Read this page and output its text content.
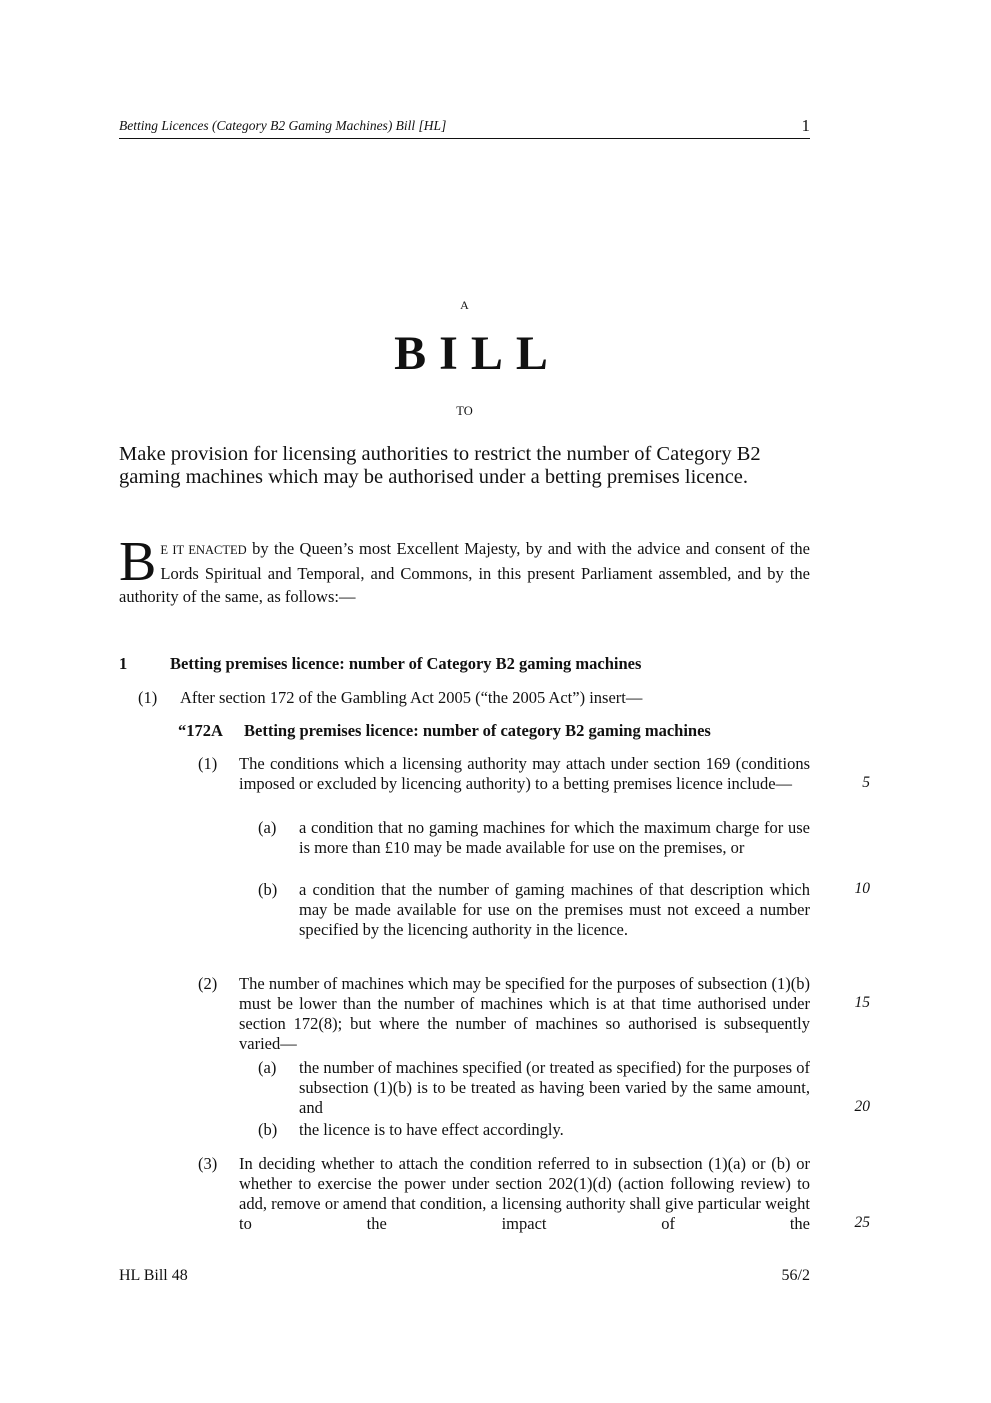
Betting Licences (Category B2 Gaming Machines) Bill [HL]	1
A
BILL
TO
Make provision for licensing authorities to restrict the number of Category B2 gaming machines which may be authorised under a betting premises licence.
B E IT ENACTED by the Queen’s most Excellent Majesty, by and with the advice and consent of the Lords Spiritual and Temporal, and Commons, in this present Parliament assembled, and by the authority of the same, as follows:—
1	Betting premises licence: number of Category B2 gaming machines
(1) After section 172 of the Gambling Act 2005 (“the 2005 Act”) insert—
“172A Betting premises licence: number of category B2 gaming machines
(1) The conditions which a licensing authority may attach under section 169 (conditions imposed or excluded by licencing authority) to a betting premises licence include—
(a) a condition that no gaming machines for which the maximum charge for use is more than £10 may be made available for use on the premises, or
(b) a condition that the number of gaming machines of that description which may be made available for use on the premises must not exceed a number specified by the licencing authority in the licence.
(2) The number of machines which may be specified for the purposes of subsection (1)(b) must be lower than the number of machines which is at that time authorised under section 172(8); but where the number of machines so authorised is subsequently varied—
(a) the number of machines specified (or treated as specified) for the purposes of subsection (1)(b) is to be treated as having been varied by the same amount, and
(b) the licence is to have effect accordingly.
(3) In deciding whether to attach the condition referred to in subsection (1)(a) or (b) or whether to exercise the power under section 202(1)(d) (action following review) to add, remove or amend that condition, a licensing authority shall give particular weight to the impact of the
5
10
15
20
25
HL Bill 48	56/2
